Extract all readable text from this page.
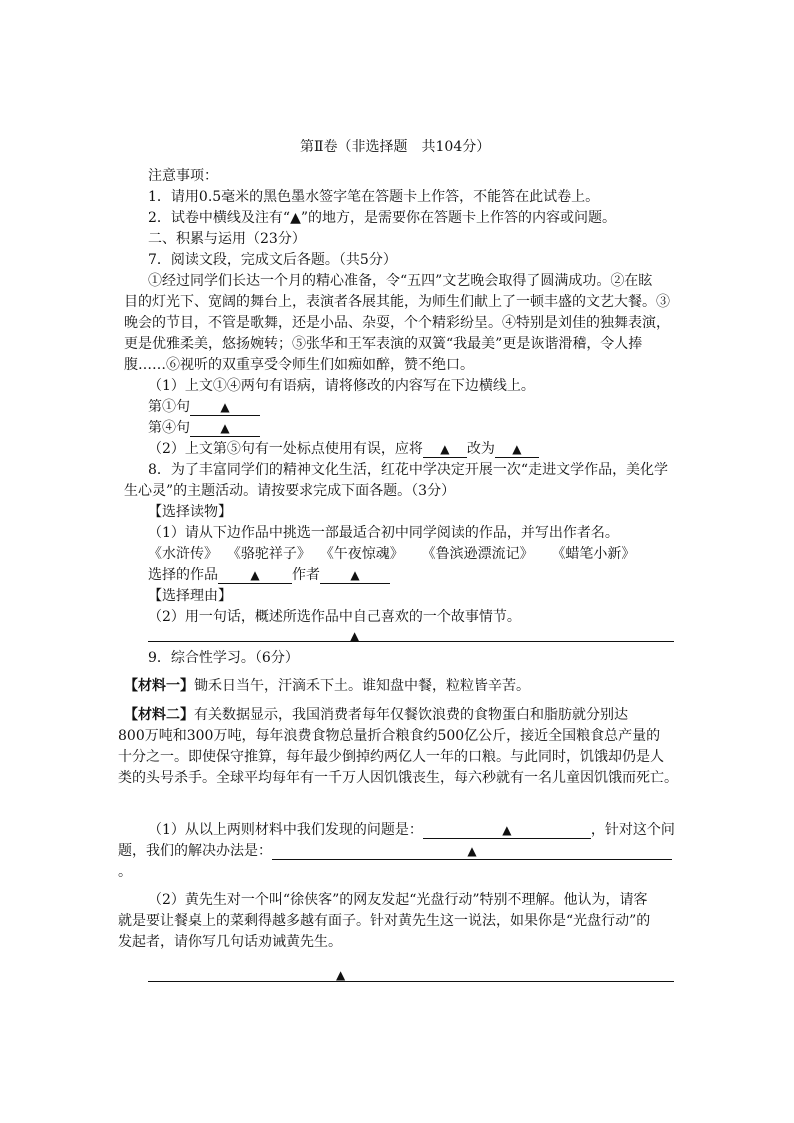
第Ⅱ卷（非选择题　共104分）
注意事项：
1．请用0.5毫米的黑色墨水签字笔在答题卡上作答，不能答在此试卷上。
2．试卷中横线及注有“▲”的地方，是需要你在答题卡上作答的内容或问题。
二、积累与运用（23分）
7．阅读文段，完成文后各题。（共5分）
①经过同学们长达一个月的精心准备，令“五四”文艺晚会取得了圆满成功。②在眩
目的灯光下、宽阔的舞台上，表演者各展其能，为师生们献上了一顿丰盛的文艺大餐。③
晚会的节目，不管是歌舞，还是小品、杂耍，个个精彩纷呈。④特别是刘佳的独舞表演，
更是优雅柔美，悠扬婉转；⑤张华和王军表演的双簧“我最美”更是诙谐滑稽，令人捧
腹……⑥视听的双重享受令师生们如痴如醉，赞不绝口。
（1）上文①④两句有语病，请将修改的内容写在下边横线上。
第①句	▲
第④句	▲
（2）上文第⑤句有一处标点使用有误，应将 ▲ 改为 ▲
8．为了丰富同学们的精神文化生活，红花中学决定开展一次“走进文学作品，美化学
生心灵”的主题活动。请按要求完成下面各题。（3分）
【选择读物】
（1）请从下边作品中挑选一部最适合初中同学阅读的作品，并写出作者名。
《水浒传》 《骆驼祥子》 《午夜惊魂》 《鲁滨逊漂流记》 《蜡笔小新》
选择的作品	▲ 作者	▲
【选择理由】
（2）用一句话，概述所选作品中自己喜欢的一个故事情节。
▲
9．综合性学习。（6分）
【材料一】锄禾日当午，汗滴禾下土。谁知盘中餐，粒粒皆辛苦。
【材料二】有关数据显示，我国消费者每年仅餐饮浪费的食物蛋白和脂肪就分别达
800万吨和300万吨，每年浪费食物总量折合粮食约500亿公斤，接近全国粮食总产量的
十分之一。即使保守推算，每年最少倒掉约两亿人一年的口粮。与此同时，饥饿却仍是人
类的头号杀手。全球平均每年有一千万人因饥饿丧生，每六秒就有一名儿童因饥饿而死亡。
（1）从以上两则材料中我们发现的问题是：	▲	，针对这个问
题，我们的解决办法是：	▲
。
（2）黄先生对一个叫“徐侠客”的网友发起“光盘行动”特别不理解。他认为，请客
就是要让餐桌上的菜剩得越多越有面子。针对黄先生这一说法，如果你是“光盘行动”的
发起者，请你写几句话劝诫黄先生。
▲
